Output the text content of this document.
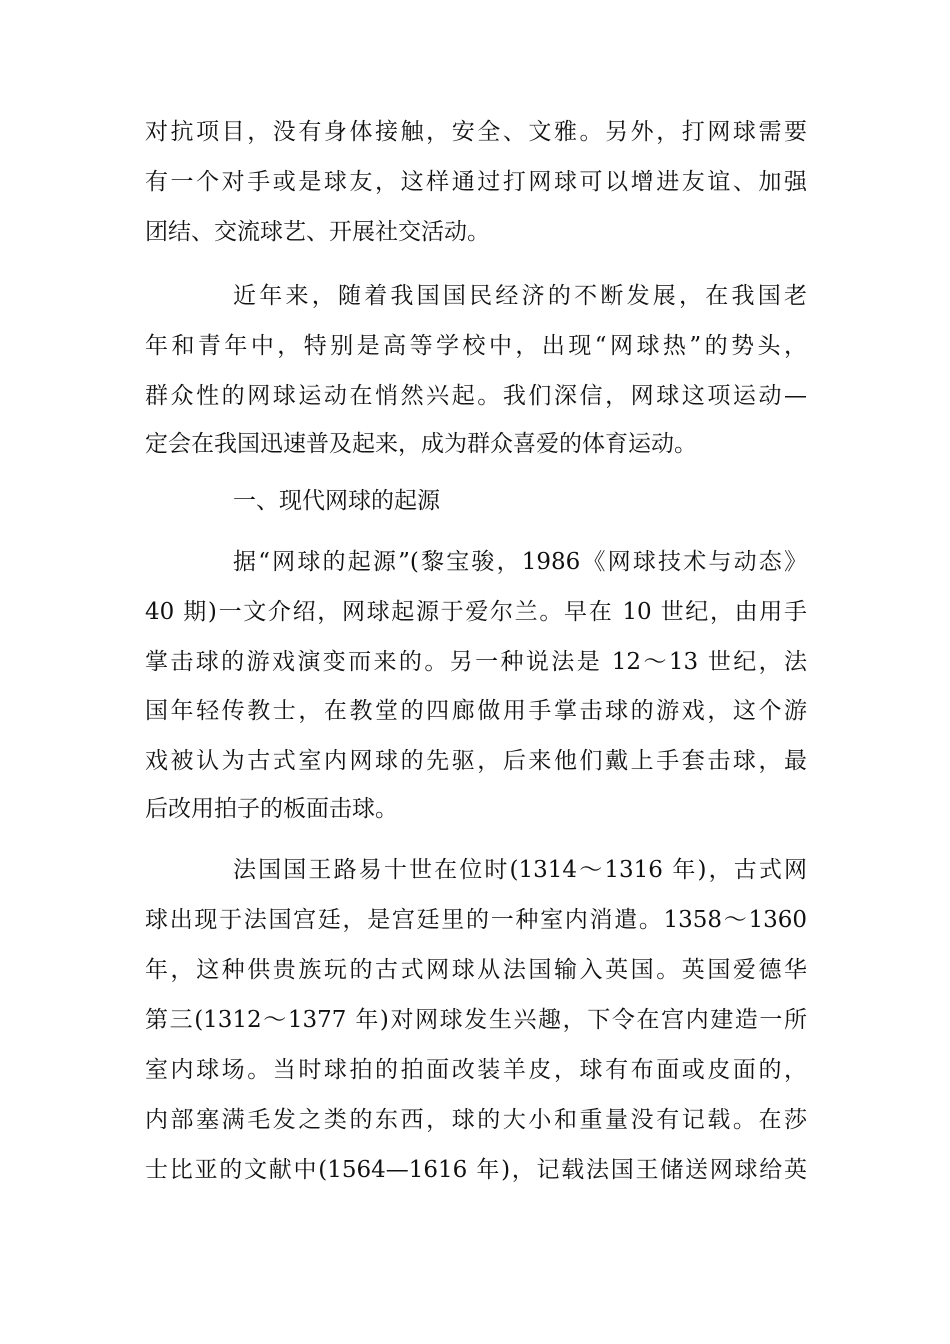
对抗项目，没有身体接触，安全、文雅。另外，打网球需要
有一个对手或是球友，这样通过打网球可以增进友谊、加强
团结、交流球艺、开展社交活动。
近年来，随着我国国民经济的不断发展，在我国老
年和青年中，特别是高等学校中，出现“网球热”的势头，
群众性的网球运动在悄然兴起。我们深信，网球这项运动—
定会在我国迅速普及起来，成为群众喜爱的体育运动。
一、现代网球的起源
据“网球的起源”(黎宝骏，1986《网球技术与动态》
40 期)一文介绍，网球起源于爱尔兰。早在 10 世纪，由用手
掌击球的游戏演变而来的。另一种说法是 12～13 世纪，法
国年轻传教士，在教堂的四廊做用手掌击球的游戏，这个游
戏被认为古式室内网球的先驱，后来他们戴上手套击球，最
后改用拍子的板面击球。
法国国王路易十世在位时(1314～1316 年)，古式网
球出现于法国宫廷，是宫廷里的一种室内消遣。1358～1360
年，这种供贵族玩的古式网球从法国输入英国。英国爱德华
第三(1312～1377 年)对网球发生兴趣，下令在宫内建造一所
室内球场。当时球拍的拍面改装羊皮，球有布面或皮面的，
内部塞满毛发之类的东西，球的大小和重量没有记载。在莎
士比亚的文献中(1564—1616 年)，记载法国王储送网球给英
